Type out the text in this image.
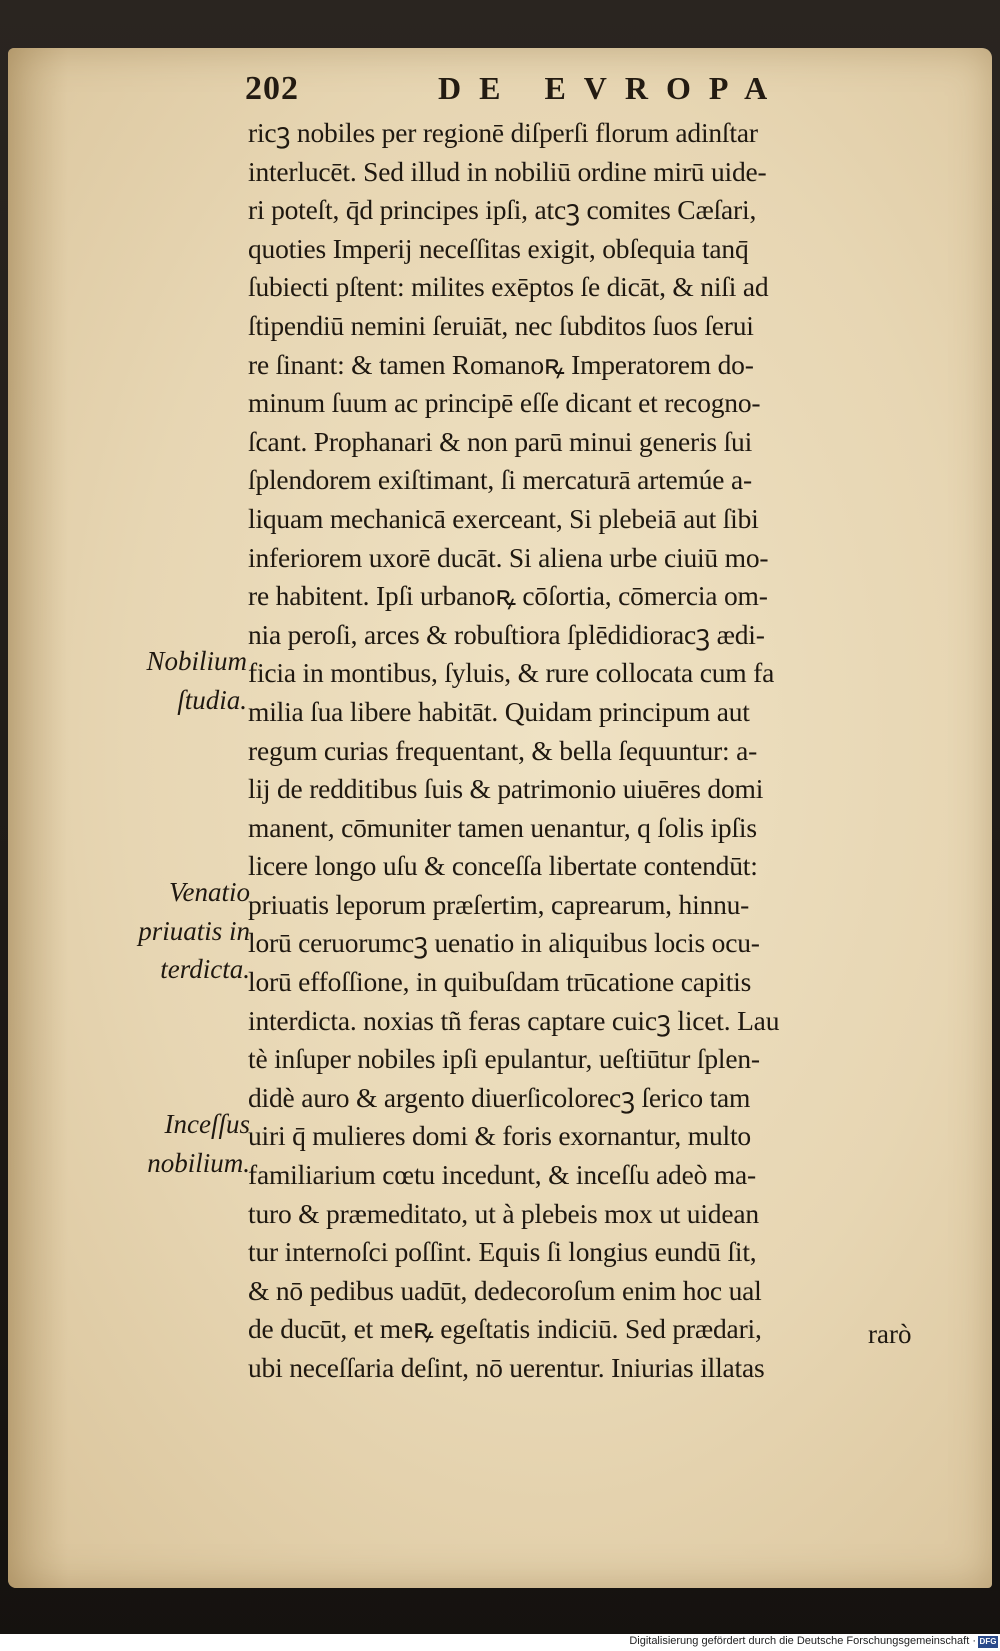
202	DE EVROPA
ricꝫ nobiles per regionē diſperſi florum adinſtar
interlucēt. Sed illud in nobiliū ordine mirū uide-
ri poteſt, q̄d principes ipſi, atcꝫ comites Cæſari,
quoties Imperij neceſſitas exigit, obſequia tanq̄
ſubiecti pſtent: milites exēptos ſe dicāt, & niſi ad
ſtipendiū nemini ſeruiāt, nec ſubditos ſuos ſerui
re ſinant: & tamen Romanoꝶ Imperatorem do-
minum ſuum ac principē eſſe dicant et recogno-
ſcant. Prophanari & non parū minui generis ſui
ſplendorem exiſtimant, ſi mercaturā artemúe a-
liquam mechanicā exerceant, Si plebeiā aut ſibi
inferiorem uxorē ducāt. Si aliena urbe ciuiū mo-
re habitent. Ipſi urbanoꝶ cōſortia, cōmercia om-
nia peroſi, arces & robuſtiora ſplēdidioracꝫ ædi-
ficia in montibus, ſyluis, & rure collocata cum fa
milia ſua libere habitāt. Quidam principum aut
regum curias frequentant, & bella ſequuntur: a-
lij de redditibus ſuis & patrimonio uiuēres domi
manent, cōmuniter tamen uenantur, q ſolis ipſis
licere longo uſu & conceſſa libertate contendūt:
priuatis leporum præſertim, caprearum, hinnu-
lorū ceruorumcꝫ uenatio in aliquibus locis ocu-
lorū effoſſione, in quibuſdam trūcatione capitis
interdicta. noxias tñ feras captare cuicꝫ licet. Lau
tè inſuper nobiles ipſi epulantur, ueſtiūtur ſplen-
didè auro & argento diuerſicolorecꝫ ſerico tam
uiri q̄ mulieres domi & foris exornantur, multo
familiarium cœtu incedunt, & inceſſu adeò ma-
turo & præmeditato, ut à plebeis mox ut uidean
tur internoſci poſſint. Equis ſi longius eundū ſit,
& nō pedibus uadūt, dedecoroſum enim hoc ual
de ducūt, et meꝶ egeſtatis indiciū. Sed prædari,
ubi neceſſaria deſint, nō uerentur. Iniurias illatas
Nobilium
ſtudia.
Venatio
priuatis in
terdicta.
Inceſſus
nobilium.
rarò
Digitalisierung gefördert durch die Deutsche Forschungsgemeinschaft · DFG
